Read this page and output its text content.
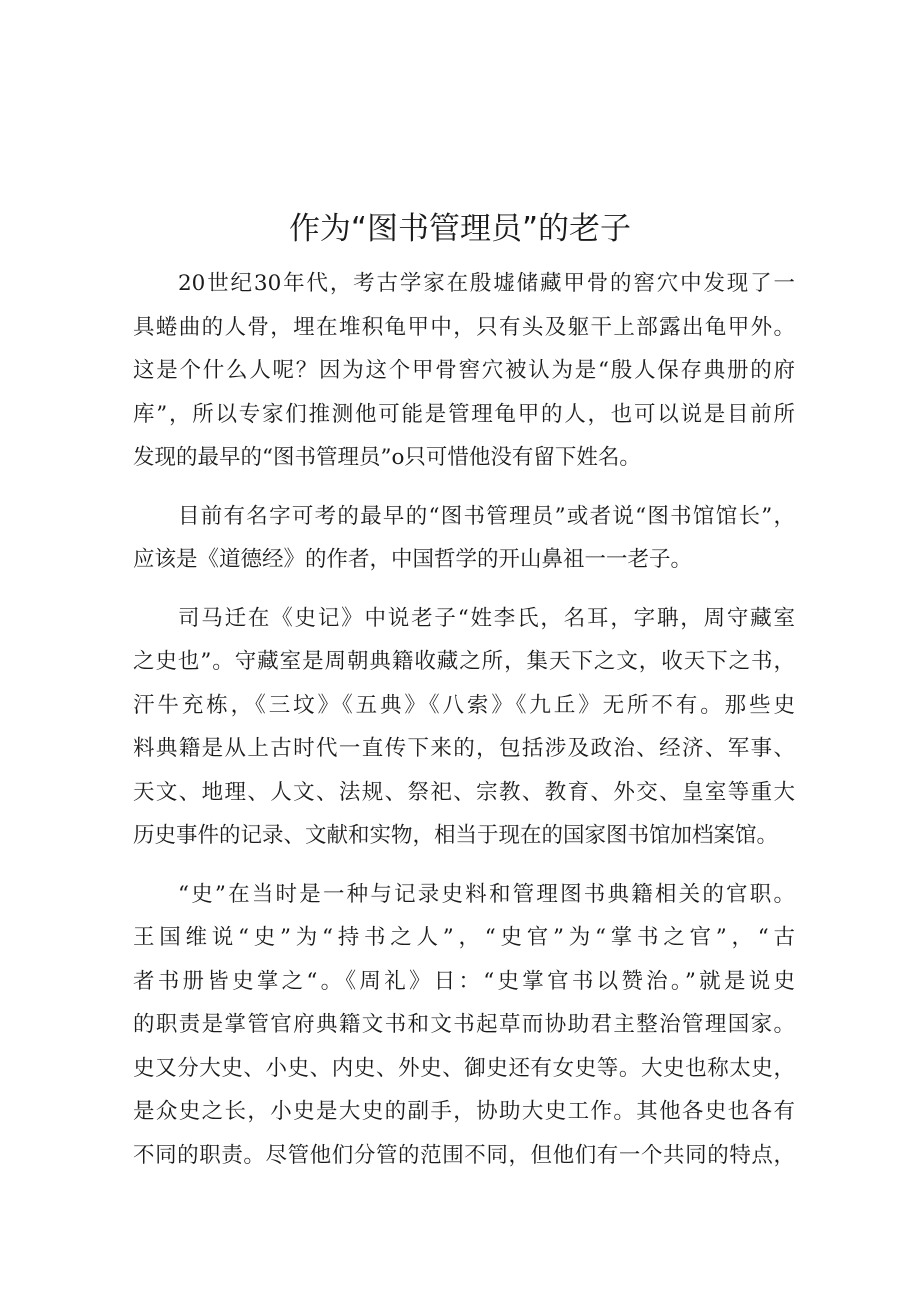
作为“图书管理员”的老子
20世纪30年代，考古学家在殷墟储藏甲骨的窖穴中发现了一
具蜷曲的人骨，埋在堆积龟甲中，只有头及躯干上部露出龟甲外。
这是个什么人呢？因为这个甲骨窖穴被认为是“殷人保存典册的府
库”，所以专家们推测他可能是管理龟甲的人，也可以说是目前所
发现的最早的“图书管理员”o只可惜他没有留下姓名。
目前有名字可考的最早的“图书管理员”或者说“图书馆馆长”，
应该是《道德经》的作者，中国哲学的开山鼻祖一一老子。
司马迁在《史记》中说老子“姓李氏，名耳，字聃，周守藏室
之史也”。守藏室是周朝典籍收藏之所，集天下之文，收天下之书，
汗牛充栋，《三坟》《五典》《八索》《九丘》无所不有。那些史
料典籍是从上古时代一直传下来的，包括涉及政治、经济、军事、
天文、地理、人文、法规、祭祀、宗教、教育、外交、皇室等重大
历史事件的记录、文献和实物，相当于现在的国家图书馆加档案馆。
“史”在当时是一种与记录史料和管理图书典籍相关的官职。
王国维说“史”为“持书之人”，“史官”为“掌书之官”，“古
者书册皆史掌之“。《周礼》日：“史掌官书以赞治。”就是说史
的职责是掌管官府典籍文书和文书起草而协助君主整治管理国家。
史又分大史、小史、内史、外史、御史还有女史等。大史也称太史，
是众史之长，小史是大史的副手，协助大史工作。其他各史也各有
不同的职责。尽管他们分管的范围不同，但他们有一个共同的特点，
